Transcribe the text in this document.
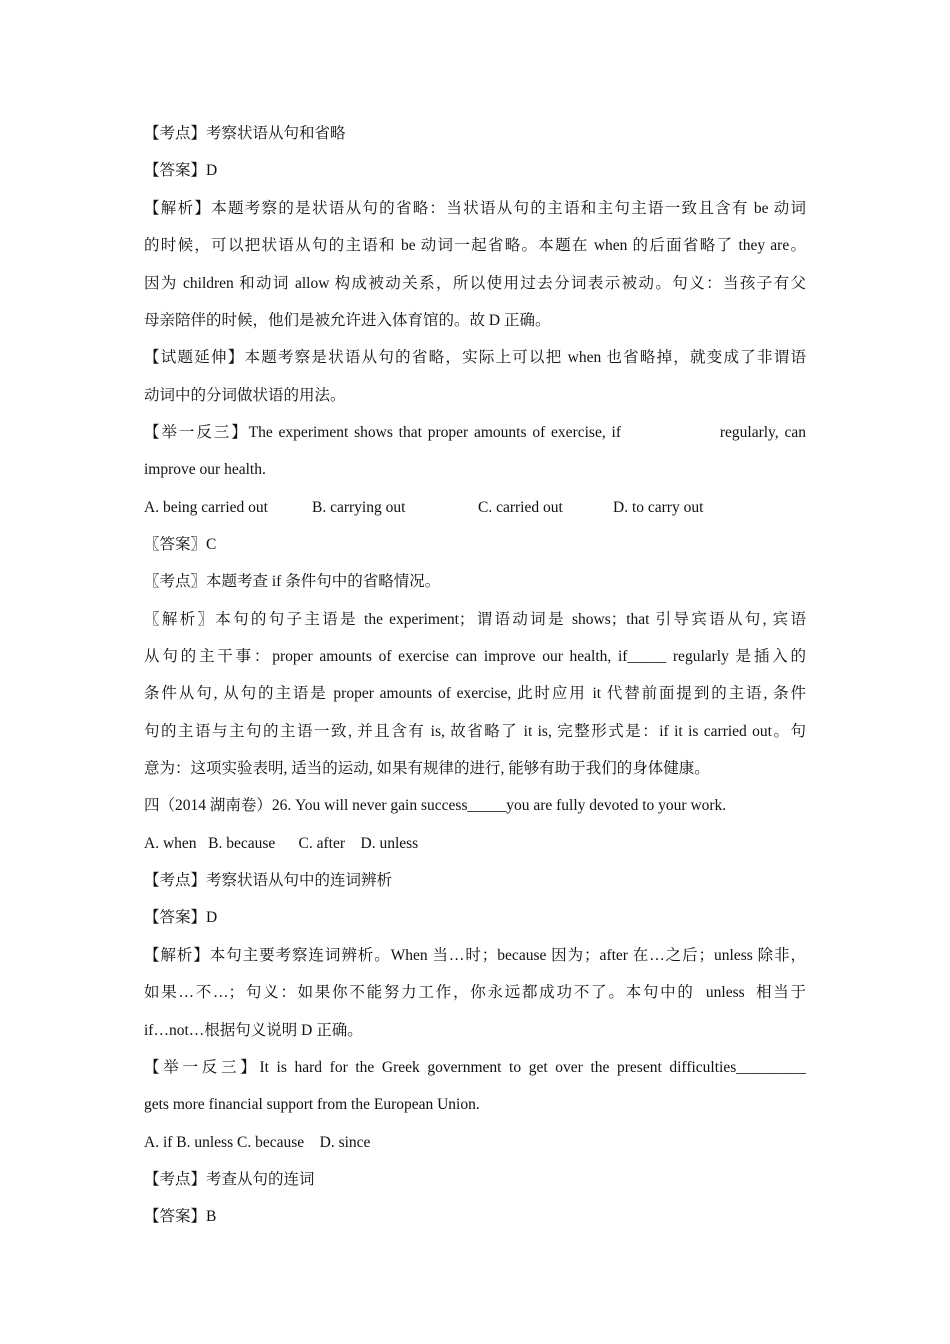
【考点】考察状语从句和省略
【答案】D
【解析】本题考察的是状语从句的省略：当状语从句的主语和主句主语一致且含有 be 动词
的时候，可以把状语从句的主语和 be 动词一起省略。本题在 when 的后面省略了 they are。
因为 children 和动词 allow 构成被动关系，所以使用过去分词表示被动。句义：当孩子有父
母亲陪伴的时候，他们是被允许进入体育馆的。故 D 正确。
【试题延伸】本题考察是状语从句的省略，实际上可以把 when 也省略掉，就变成了非谓语
动词中的分词做状语的用法。
【举一反三】The experiment shows that proper amounts of exercise, if                 regularly, can
improve our health.
A. being carried out	B. carrying out	C. carried out	D. to carry out
〖答案〗C
〖考点〗本题考查 if 条件句中的省略情况。
〖解析〗本句的句子主语是 the experiment；谓语动词是 shows；that 引导宾语从句, 宾语
从句的主干事：proper amounts of exercise can improve our health, if_____ regularly 是插入的
条件从句, 从句的主语是 proper amounts of exercise, 此时应用 it 代替前面提到的主语, 条件
句的主语与主句的主语一致, 并且含有 is, 故省略了 it is, 完整形式是：if it is carried out。句
意为：这项实验表明, 适当的运动, 如果有规律的进行, 能够有助于我们的身体健康。
四（2014 湖南卷）26. You will never gain success_____you are fully devoted to your work.
A. when   B. because      C. after    D. unless
【考点】考察状语从句中的连词辨析
【答案】D
【解析】本句主要考察连词辨析。When 当…时；because 因为；after 在…之后；unless 除非，
如果…不…；句义：如果你不能努力工作，你永远都成功不了。本句中的  unless  相当于
if…not…根据句义说明 D 正确。
【举一反三】It is hard for the Greek government to get over the present difficulties_________
gets more financial support from the European Union.
A. if B. unless C. because    D. since
【考点】考查从句的连词
【答案】B
